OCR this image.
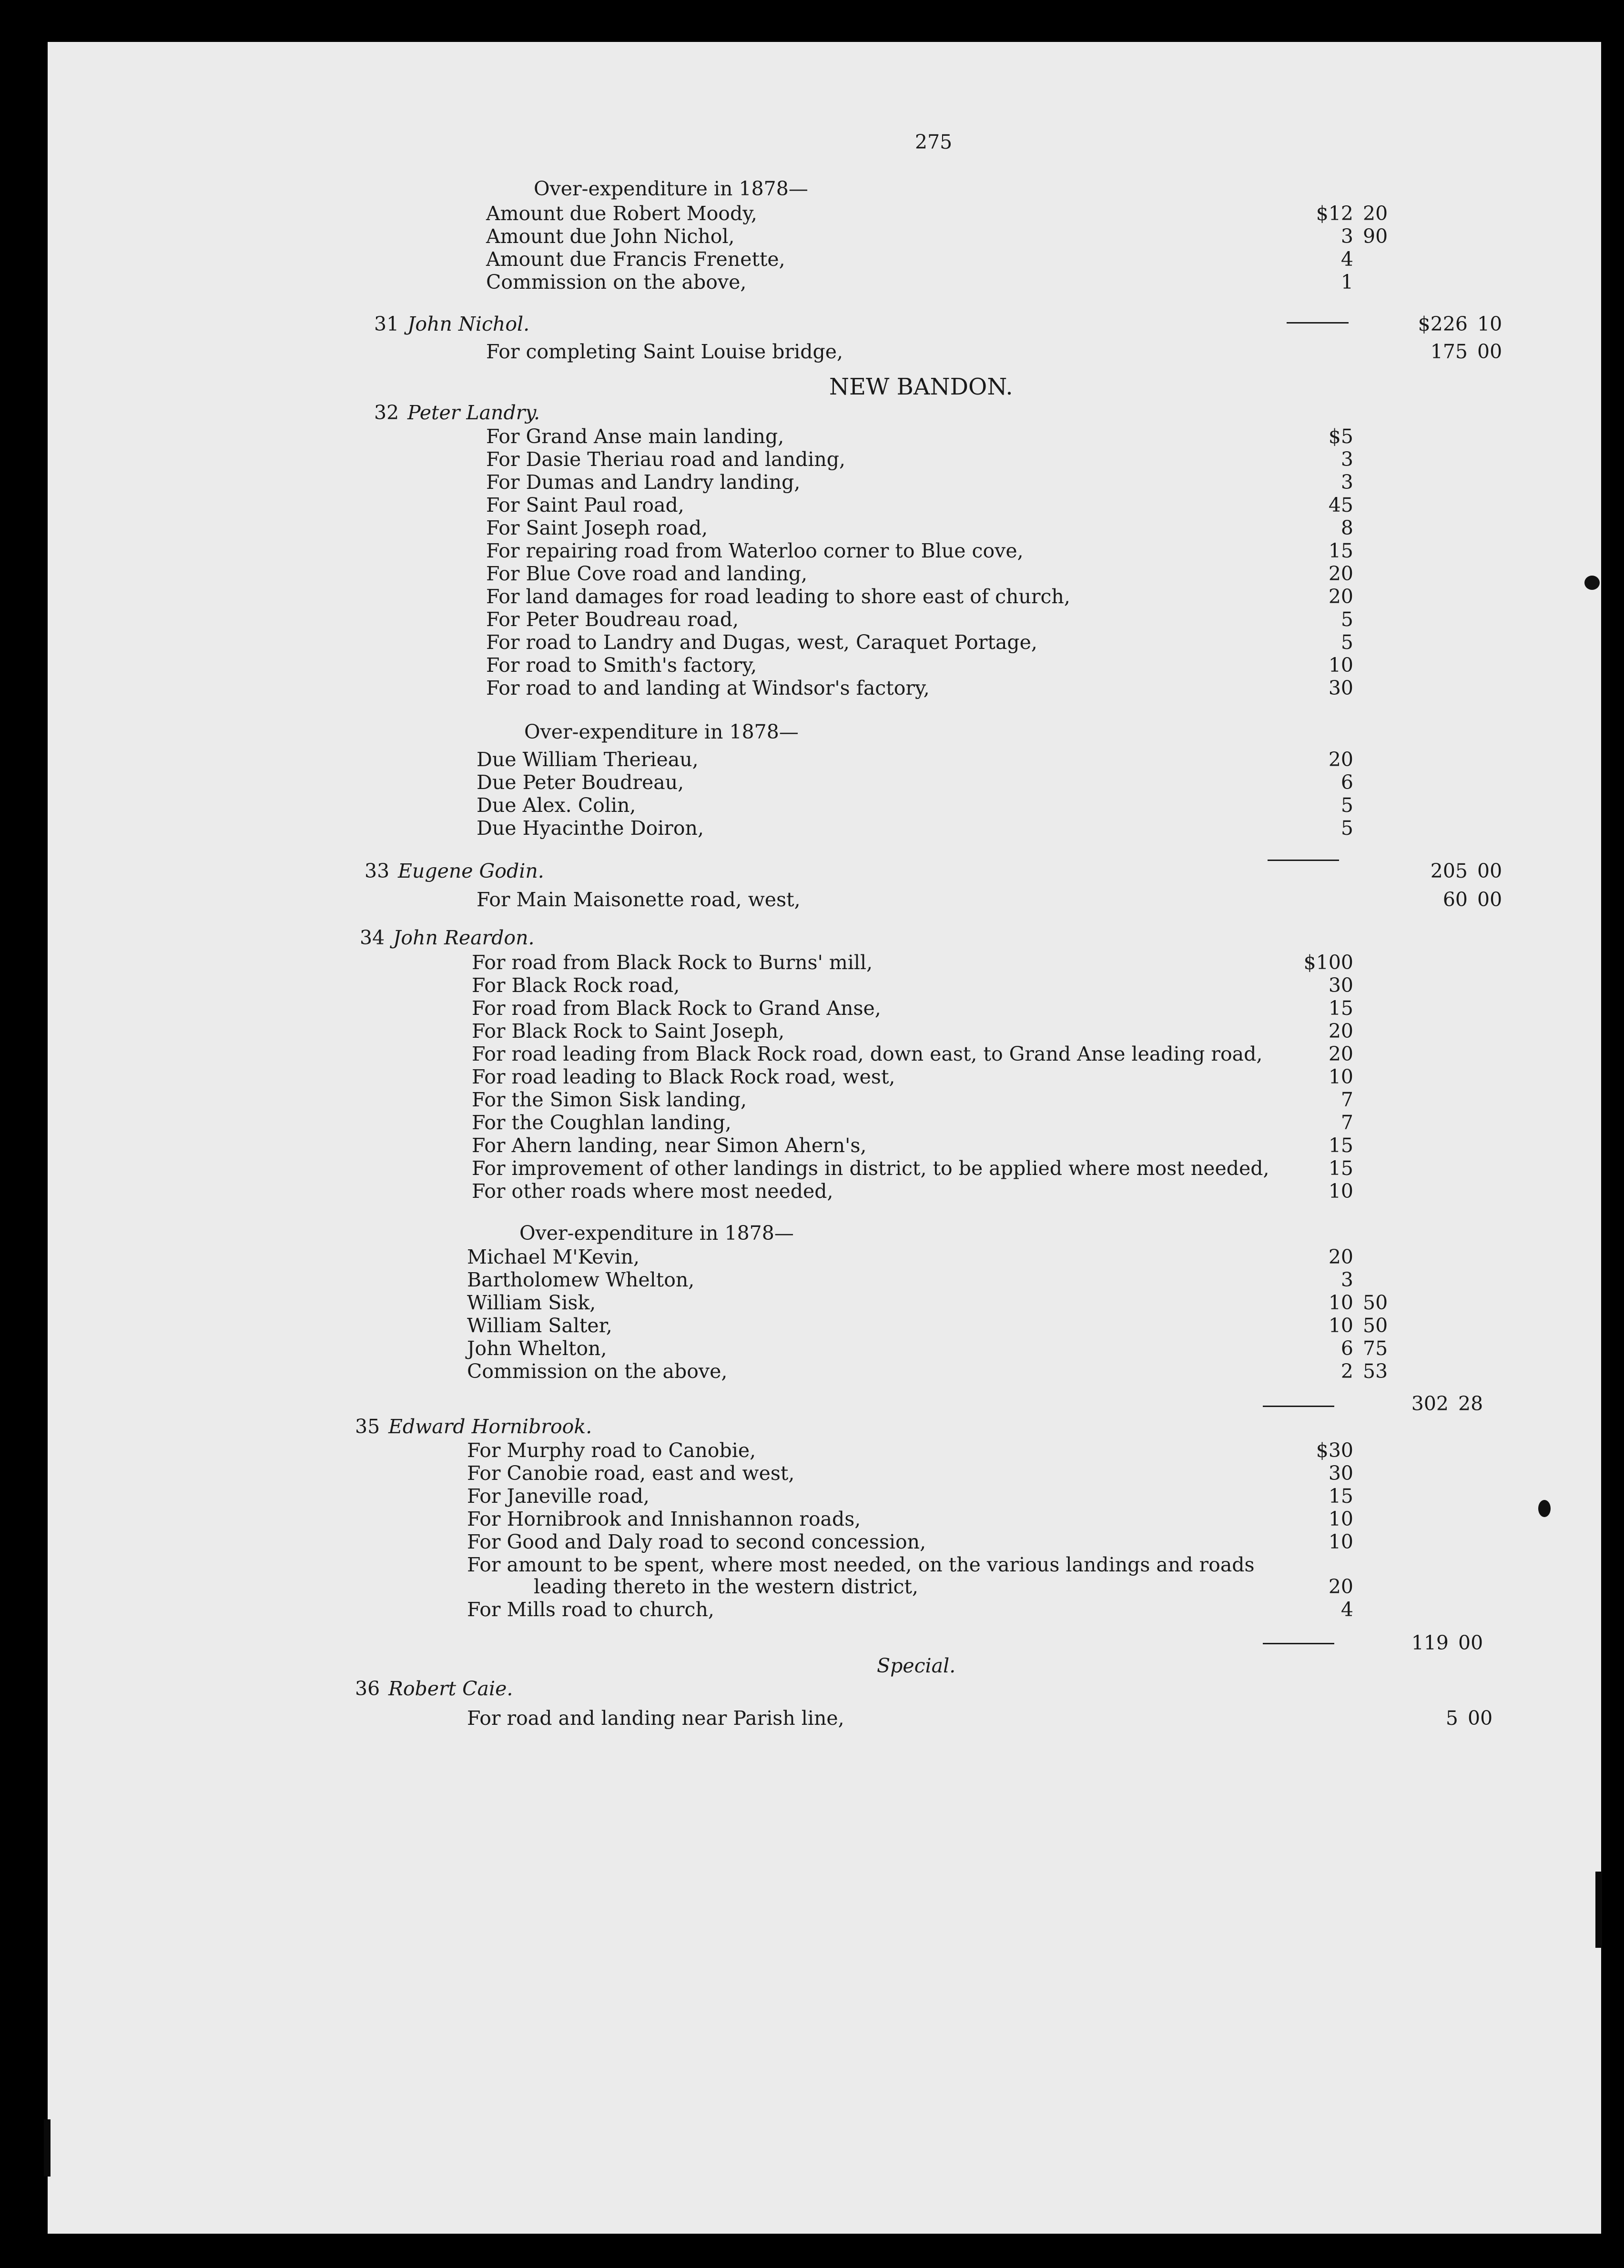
275
Over-expenditure in 1878—
Amount due Robert Moody,	$12 20
Amount due John Nichol,	3 90
Amount due Francis Frenette,	4
Commission on the above,	1
31 John Nichol.	$226 10
For completing Saint Louise bridge,	175 00
NEW BANDON.
32 Peter Landry.
For Grand Anse main landing,	$5
For Dasie Theriau road and landing,	3
For Dumas and Landry landing,	3
For Saint Paul road,	45
For Saint Joseph road,	8
For repairing road from Waterloo corner to Blue cove,	15
For Blue Cove road and landing,	20
For land damages for road leading to shore east of church,	20
For Peter Boudreau road,	5
For road to Landry and Dugas, west, Caraquet Portage,	5
For road to Smith's factory,	10
For road to and landing at Windsor's factory,	30
Over-expenditure in 1878—
Due William Therieau,	20
Due Peter Boudreau,	6
Due Alex. Colin,	5
Due Hyacinthe Doiron,	5
33 Eugene Godin.	205 00
For Main Maisonette road, west,	60 00
34 John Reardon.
For road from Black Rock to Burns' mill,	$100
For Black Rock road,	30
For road from Black Rock to Grand Anse,	15
For Black Rock to Saint Joseph,	20
For road leading from Black Rock road, down east, to Grand Anse leading road,	20
For road leading to Black Rock road, west,	10
For the Simon Sisk landing,	7
For the Coughlan landing,	7
For Ahern landing, near Simon Ahern's,	15
For improvement of other landings in district, to be applied where most needed,	15
For other roads where most needed,	10
Over-expenditure in 1878—
Michael M'Kevin,	20
Bartholomew Whelton,	3
William Sisk,	10 50
William Salter,	10 50
John Whelton,	6 75
Commission on the above,	2 53
302 28
35 Edward Hornibrook.
For Murphy road to Canobie,	$30
For Canobie road, east and west,	30
For Janeville road,	15
For Hornibrook and Innishannon roads,	10
For Good and Daly road to second concession,	10
For amount to be spent, where most needed, on the various landings and roads
leading thereto in the western district,	20
For Mills road to church,	4
119 00
Special.
36 Robert Caie.
For road and landing near Parish line,	5 00
